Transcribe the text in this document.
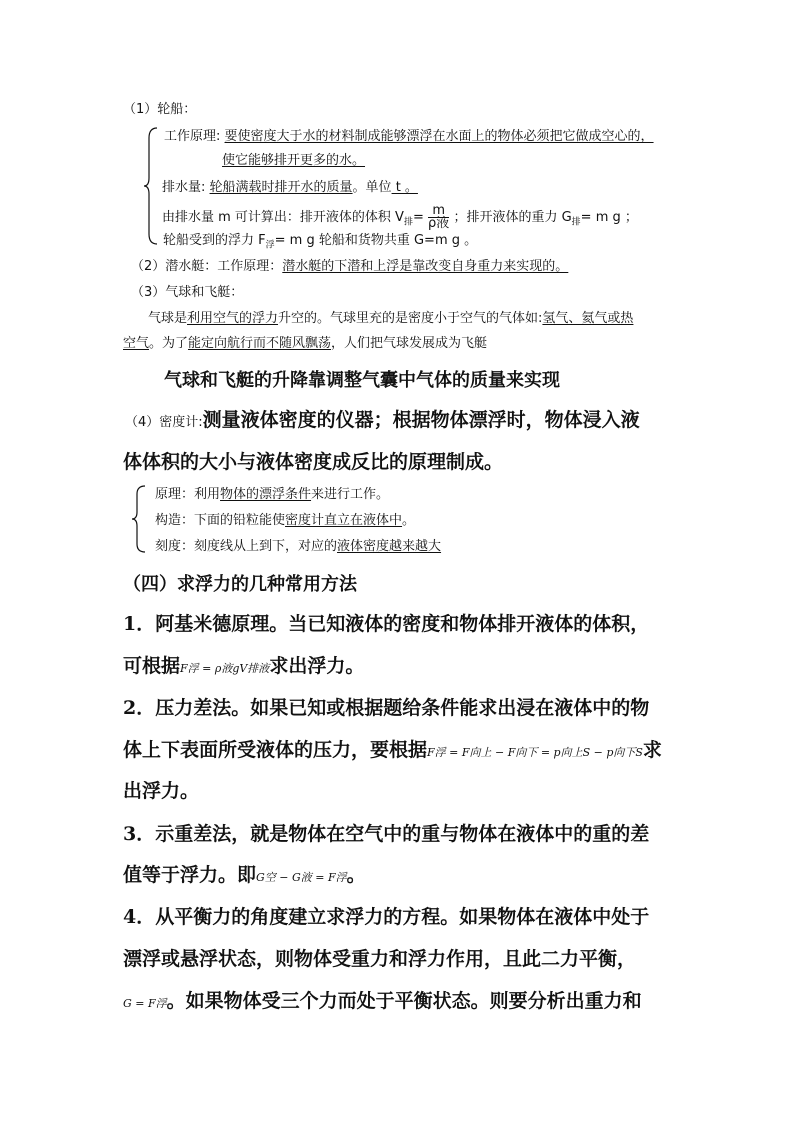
（1）轮船：
工作原理: 要使密度大于水的材料制成能够漂浮在水面上的物体必须把它做成空心的，
使它能够排开更多的水。
排水量: 轮船满载时排开水的质量。单位 t 。
由排水量 m 可计算出：排开液体的体积 $V_排= \frac{m}{\text{ρ液}}$ ；排开液体的重力 $G_排= m$ g ；
轮船受到的浮力 $F_浮= m$ g 轮船和货物共重 G=m g 。
（2）潜水艇：工作原理：潜水艇的下潜和上浮是靠改变自身重力来实现的。
（3）气球和飞艇：
气球是利用空气的浮力升空的。气球里充的是密度小于空气的气体如:氢气、氦气或热
空气。为了能定向航行而不随风飘荡，人们把气球发展成为飞艇
气球和飞艇的升降靠调整气囊中气体的质量来实现
（4）密度计:测量液体密度的仪器；根据物体漂浮时，物体浸入液
体体积的大小与液体密度成反比的原理制成。
原理：利用物体的漂浮条件来进行工作。
构造：下面的铅粒能使密度计直立在液体中。
刻度：刻度线从上到下，对应的液体密度越来越大
（四）求浮力的几种常用方法
1．阿基米德原理。当已知液体的密度和物体排开液体的体积，
可根据F浮 = ρ液gV排液求出浮力。
2．压力差法。如果已知或根据题给条件能求出浸在液体中的物
体上下表面所受液体的压力，要根据F浮 = F向上 − F向下 = p向上S − p向下S求
出浮力。
3．示重差法，就是物体在空气中的重与物体在液体中的重的差
值等于浮力。即G空 − G液 = F浮。
4．从平衡力的角度建立求浮力的方程。如果物体在液体中处于
漂浮或悬浮状态，则物体受重力和浮力作用，且此二力平衡，
G = F浮。如果物体受三个力而处于平衡状态。则要分析出重力和
